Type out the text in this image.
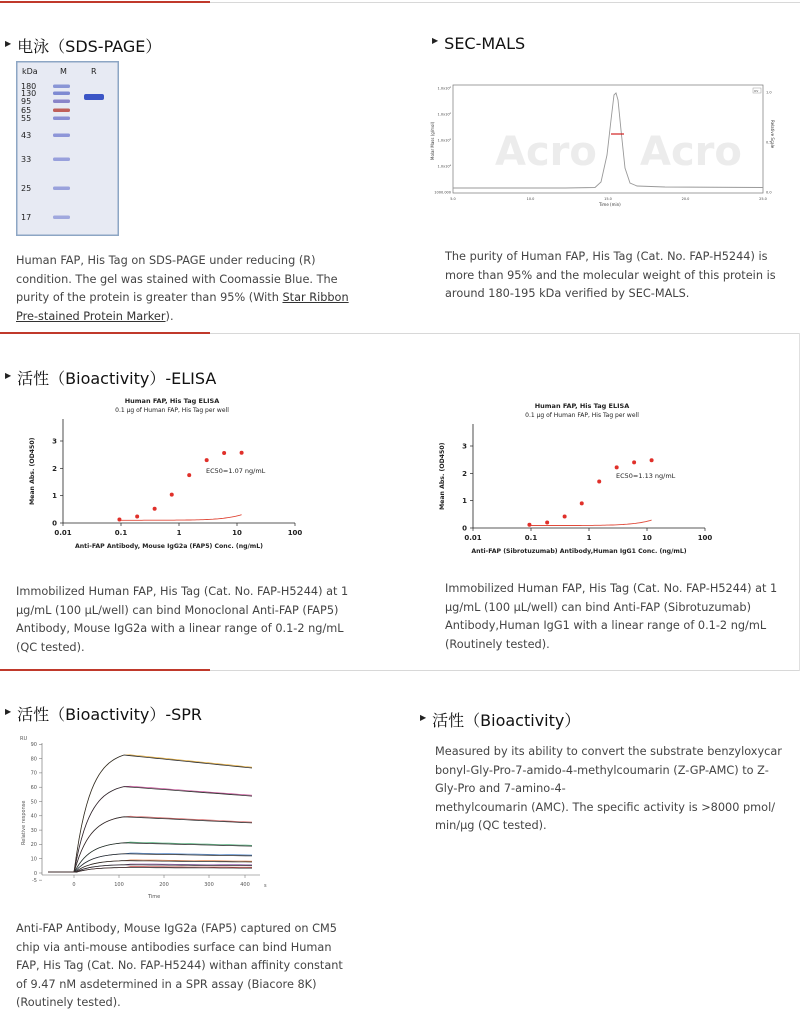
▶ 电泳（SDS-PAGE）
kDa	M	R
180
130
95
65
55
43
33
25
17
Human FAP, His Tag on SDS-PAGE under reducing (R) condition. The gel was stained with Coomassie Blue. The purity of the protein is greater than 95% (With Star Ribbon Pre-stained Protein Marker).
▶ SEC-MALS
Acro Acro
1.0x10⁶
1.0x10⁶
1.0x10⁵
1.0x10⁴
1000.000
1.0
0.5
0.0
5.0	10.0	15.0	20.0	25.0
Molar Mass (g/mol)	Relative Scale
Time (min)
UV
The purity of Human FAP, His Tag (Cat. No. FAP-H5244) is more than 95% and the molecular weight of this protein is around 180-195 kDa verified by SEC-MALS.
▶ 活性（Bioactivity）-ELISA
Human FAP, His Tag ELISA
0.1 μg of Human FAP, His Tag per well
0
1
2
3
0.01	0.1	1	10	100
Mean Abs. (OD450)
Anti-FAP Antibody, Mouse IgG2a (FAP5) Conc. (ng/mL)
EC50=1.07 ng/mL
Human FAP, His Tag ELISA
0.1 μg of Human FAP, His Tag per well
0
1
2
3
0.01	0.1	1	10	100
Mean Abs. (OD450)
Anti-FAP (Sibrotuzumab) Antibody,Human IgG1 Conc. (ng/mL)
EC50=1.13 ng/mL
Immobilized Human FAP, His Tag (Cat. No. FAP-H5244) at 1 μg/mL (100 μL/well) can bind Monoclonal Anti-FAP (FAP5) Antibody, Mouse IgG2a with a linear range of 0.1-2 ng/mL (QC tested).
Immobilized Human FAP, His Tag (Cat. No. FAP-H5244) at 1 μg/mL (100 μL/well) can bind Anti-FAP (Sibrotuzumab) Antibody,Human IgG1 with a linear range of 0.1-2 ng/mL (Routinely tested).
▶ 活性（Bioactivity）-SPR
RU
90
80
70
60
50
40
30
20
10
0
-5
0	100	200	300	400
Relative response
Time
s
Anti-FAP Antibody, Mouse IgG2a (FAP5) captured on CM5 chip via anti-mouse antibodies surface can bind Human FAP, His Tag (Cat. No. FAP-H5244) withan affinity constant of 9.47 nM asdetermined in a SPR assay (Biacore 8K) (Routinely tested).
▶ 活性（Bioactivity）
Measured by its ability to convert the substrate benzyloxycar
bonyl-Gly-Pro-7-amido-4-methylcoumarin (Z-GP-AMC) to Z-
Gly-Pro and 7-amino-4-
methylcoumarin (AMC). The specific activity is >8000 pmol/
min/μg (QC tested).
